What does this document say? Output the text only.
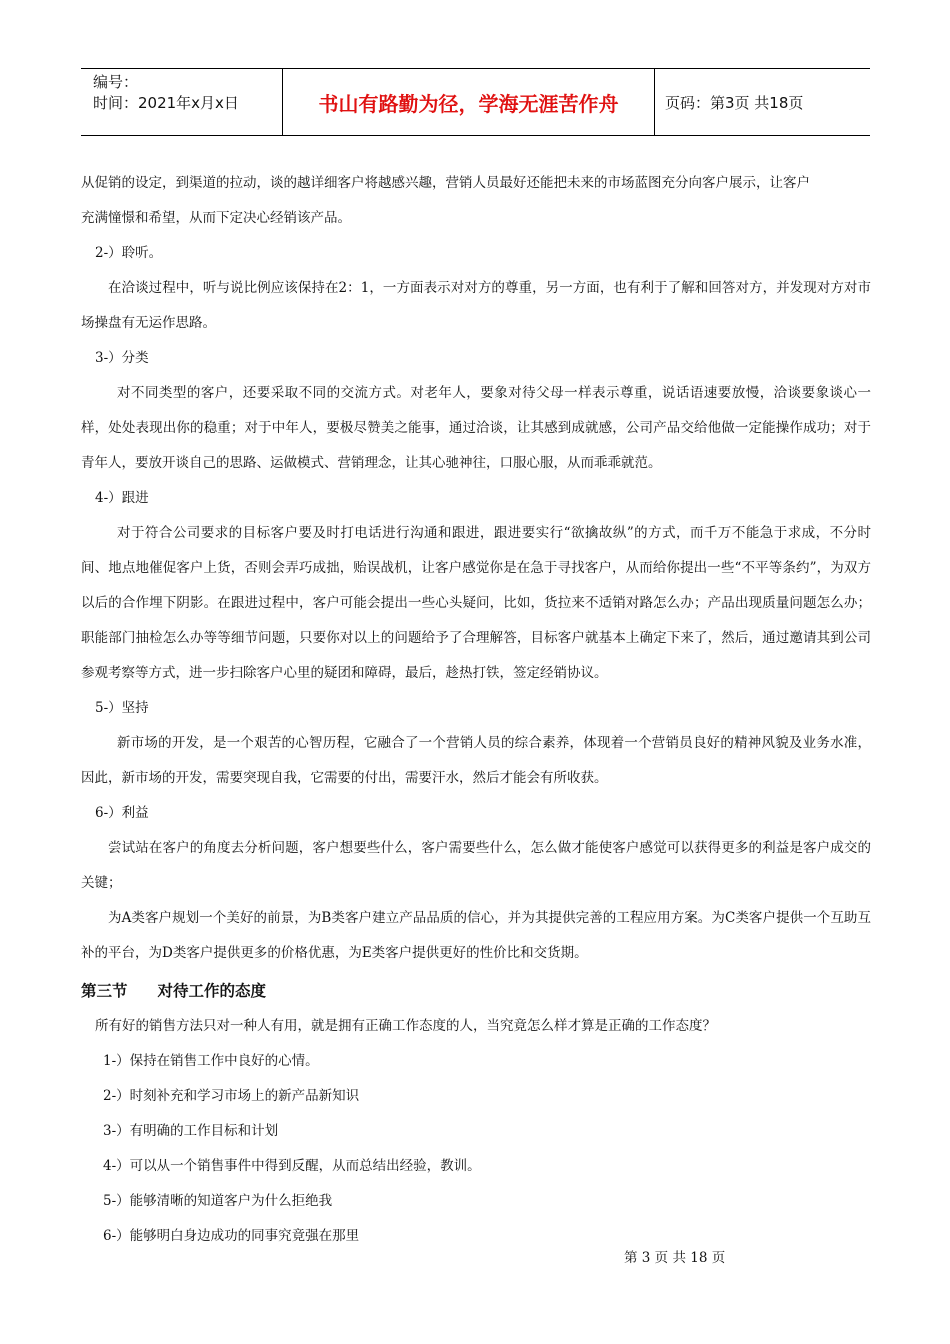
编号：
时间：2021年x月x日	书山有路勤为径，学海无涯苦作舟	页码：第3页 共18页

从促销的设定，到渠道的拉动，谈的越详细客户将越感兴趣，营销人员最好还能把未来的市场蓝图充分向客户展示，让客户

充满憧憬和希望，从而下定决心经销该产品。

2-）聆听。

在洽谈过程中，听与说比例应该保持在2：1，一方面表示对对方的尊重，另一方面，也有利于了解和回答对方，并发现对方对市场操盘有无运作思路。

3-）分类

对不同类型的客户，还要采取不同的交流方式。对老年人，要象对待父母一样表示尊重，说话语速要放慢，洽谈要象谈心一样，处处表现出你的稳重；对于中年人，要极尽赞美之能事，通过洽谈，让其感到成就感，公司产品交给他做一定能操作成功；对于青年人，要放开谈自己的思路、运做模式、营销理念，让其心驰神往，口服心服，从而乖乖就范。

4-）跟进

对于符合公司要求的目标客户要及时打电话进行沟通和跟进，跟进要实行“欲擒故纵”的方式，而千万不能急于求成，不分时间、地点地催促客户上货，否则会弄巧成拙，贻误战机，让客户感觉你是在急于寻找客户，从而给你提出一些“不平等条约”，为双方以后的合作埋下阴影。在跟进过程中，客户可能会提出一些心头疑问，比如，货拉来不适销对路怎么办；产品出现质量问题怎么办；职能部门抽检怎么办等等细节问题，只要你对以上的问题给予了合理解答，目标客户就基本上确定下来了，然后，通过邀请其到公司参观考察等方式，进一步扫除客户心里的疑团和障碍，最后，趁热打铁，签定经销协议。

5-）坚持

新市场的开发，是一个艰苦的心智历程，它融合了一个营销人员的综合素养，体现着一个营销员良好的精神风貌及业务水准，因此，新市场的开发，需要突现自我，它需要的付出，需要汗水，然后才能会有所收获。

6-）利益

尝试站在客户的角度去分析问题，客户想要些什么，客户需要些什么，怎么做才能使客户感觉可以获得更多的利益是客户成交的关键；

为A类客户规划一个美好的前景，为B类客户建立产品品质的信心，并为其提供完善的工程应用方案。为C类客户提供一个互助互补的平台，为D类客户提供更多的价格优惠，为E类客户提供更好的性价比和交货期。

第三节 对待工作的态度

所有好的销售方法只对一种人有用，就是拥有正确工作态度的人，当究竟怎么样才算是正确的工作态度？

1-）保持在销售工作中良好的心情。

2-）时刻补充和学习市场上的新产品新知识

3-）有明确的工作目标和计划

4-）可以从一个销售事件中得到反醒，从而总结出经验，教训。

5-）能够清晰的知道客户为什么拒绝我

6-）能够明白身边成功的同事究竟强在那里

第 3 页 共 18 页
